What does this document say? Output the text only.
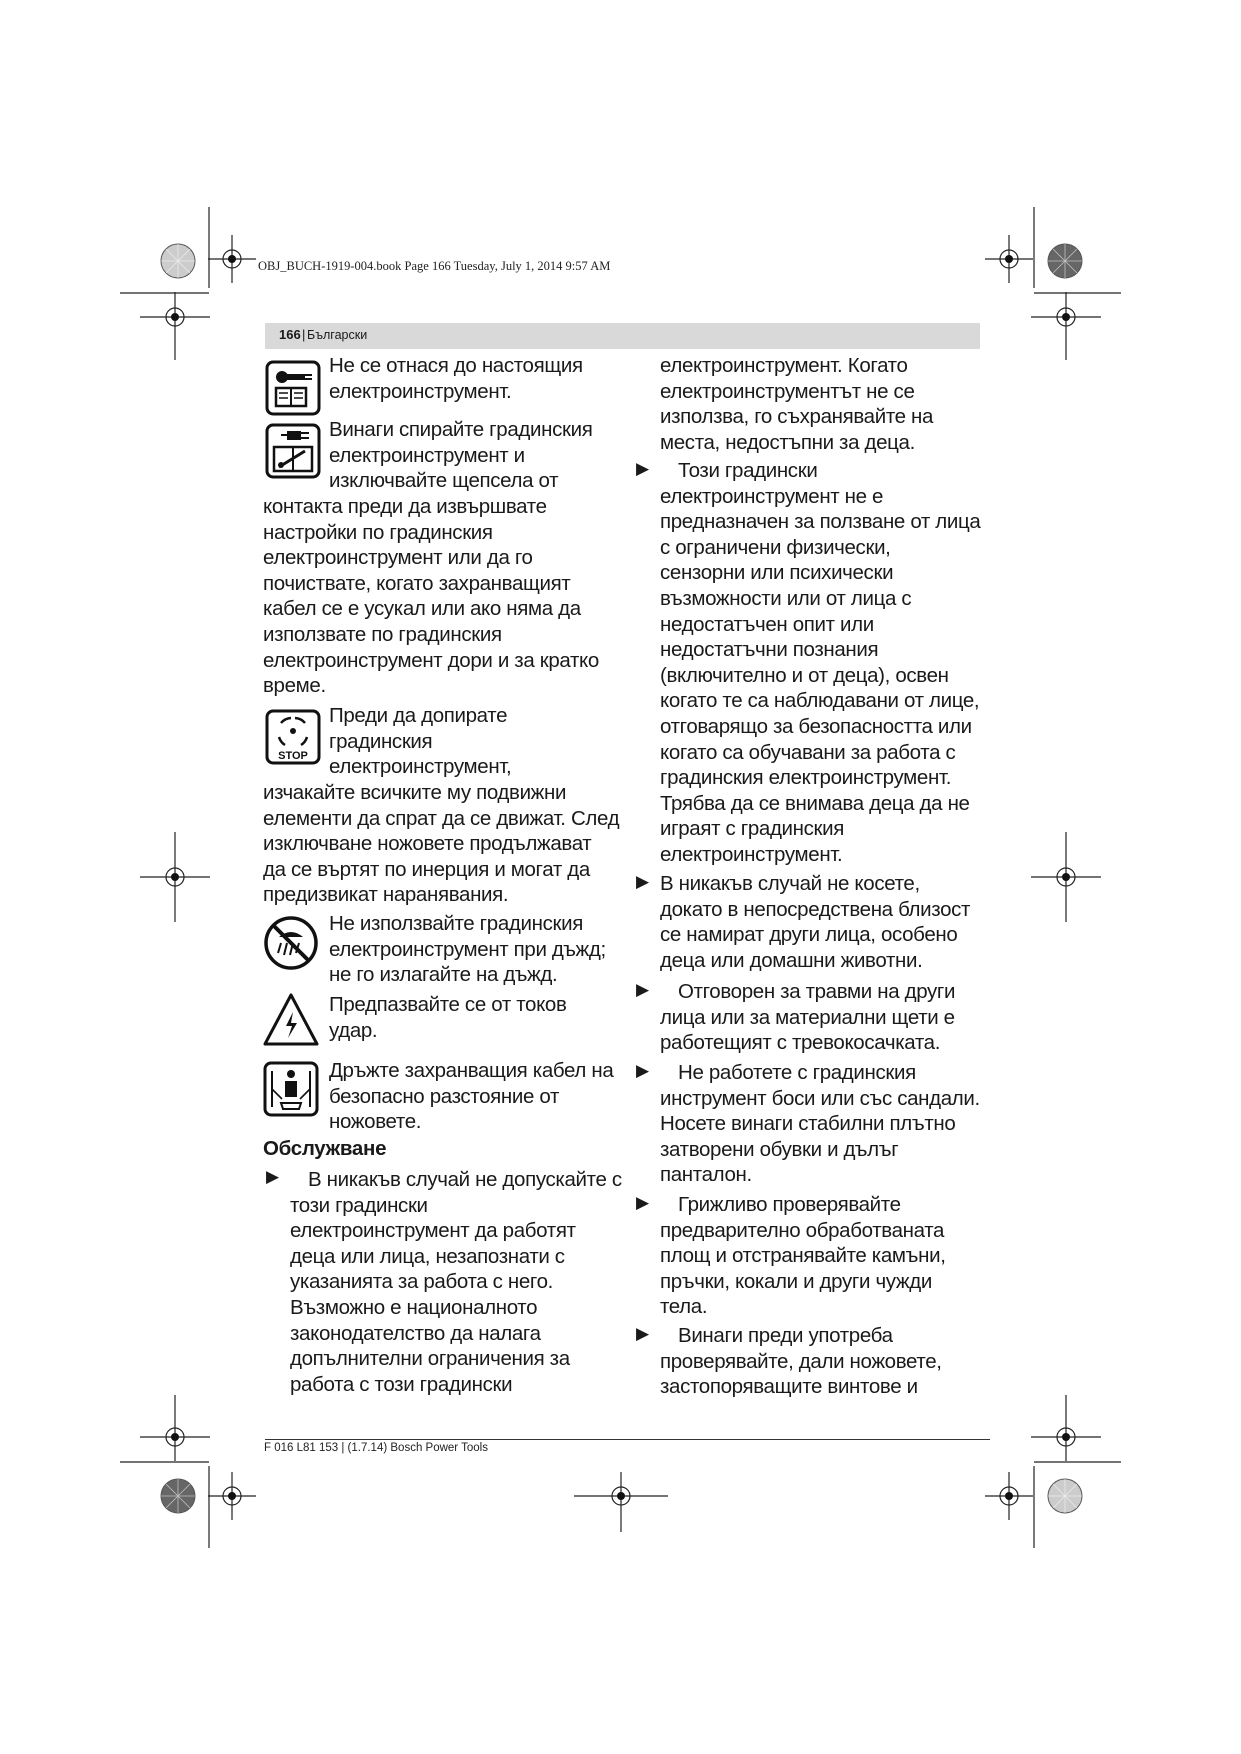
OBJ_BUCH-1919-004.book Page 166 Tuesday, July 1, 2014 9:57 AM
166 | Български
Не се отнася до настоящия
електроинструмент.
Винаги спирайте градинския
електроинструмент и
изключвайте щепсела от
контакта преди да извършвате
настройки по градинския
електроинструмент или да го
почиствате, когато захранващият
кабел се е усукал или ако няма да
използвате по градинския
електроинструмент дори и за кратко
време.
STOP
Преди да допирате
градинския
електроинструмент,
изчакайте всичките му подвижни
елементи да спрат да се движат. След
изключване ножовете продължават
да се въртят по инерция и могат да
предизвикат наранявания.
Не използвайте градинския
електроинструмент при дъжд;
не го излагайте на дъжд.
Предпазвайте се от токов
удар.
Дръжте захранващия кабел на
безопасно разстояние от
ножовете.
Обслужване
▶	В никакъв случай не допускайте с
този градински
електроинструмент да работят
деца или лица, незапознати с
указанията за работа с него.
Възможно е националното
законодателство да налага
допълнителни ограничения за
работа с този градински
електроинструмент. Когато
електроинструментът не се
използва, го съхранявайте на
места, недостъпни за деца.
▶	Този градински
електроинструмент не е
предназначен за ползване от лица
с ограничени физически,
сензорни или психически
възможности или от лица с
недостатъчен опит или
недостатъчни познания
(включително и от деца), освен
когато те са наблюдавани от лице,
отговарящо за безопасността или
когато са обучавани за работа с
градинския електроинструмент.
Трябва да се внимава деца да не
играят с градинския
електроинструмент.
▶ В никакъв случай не косете,
докато в непосредствена близост
се намират други лица, особено
деца или домашни животни.
▶	Отговорен за травми на други
лица или за материални щети е
работещият с тревокосачката.
▶	Не работете с градинския
инструмент боси или със сандали.
Носете винаги стабилни плътно
затворени обувки и дълъг
панталон.
▶	Грижливо проверявайте
предварително обработваната
площ и отстранявайте камъни,
пръчки, кокали и други чужди
тела.
▶	Винаги преди употреба
проверявайте, дали ножовете,
застопоряващите винтове и
F 016 L81 153 | (1.7.14) Bosch Power Tools
